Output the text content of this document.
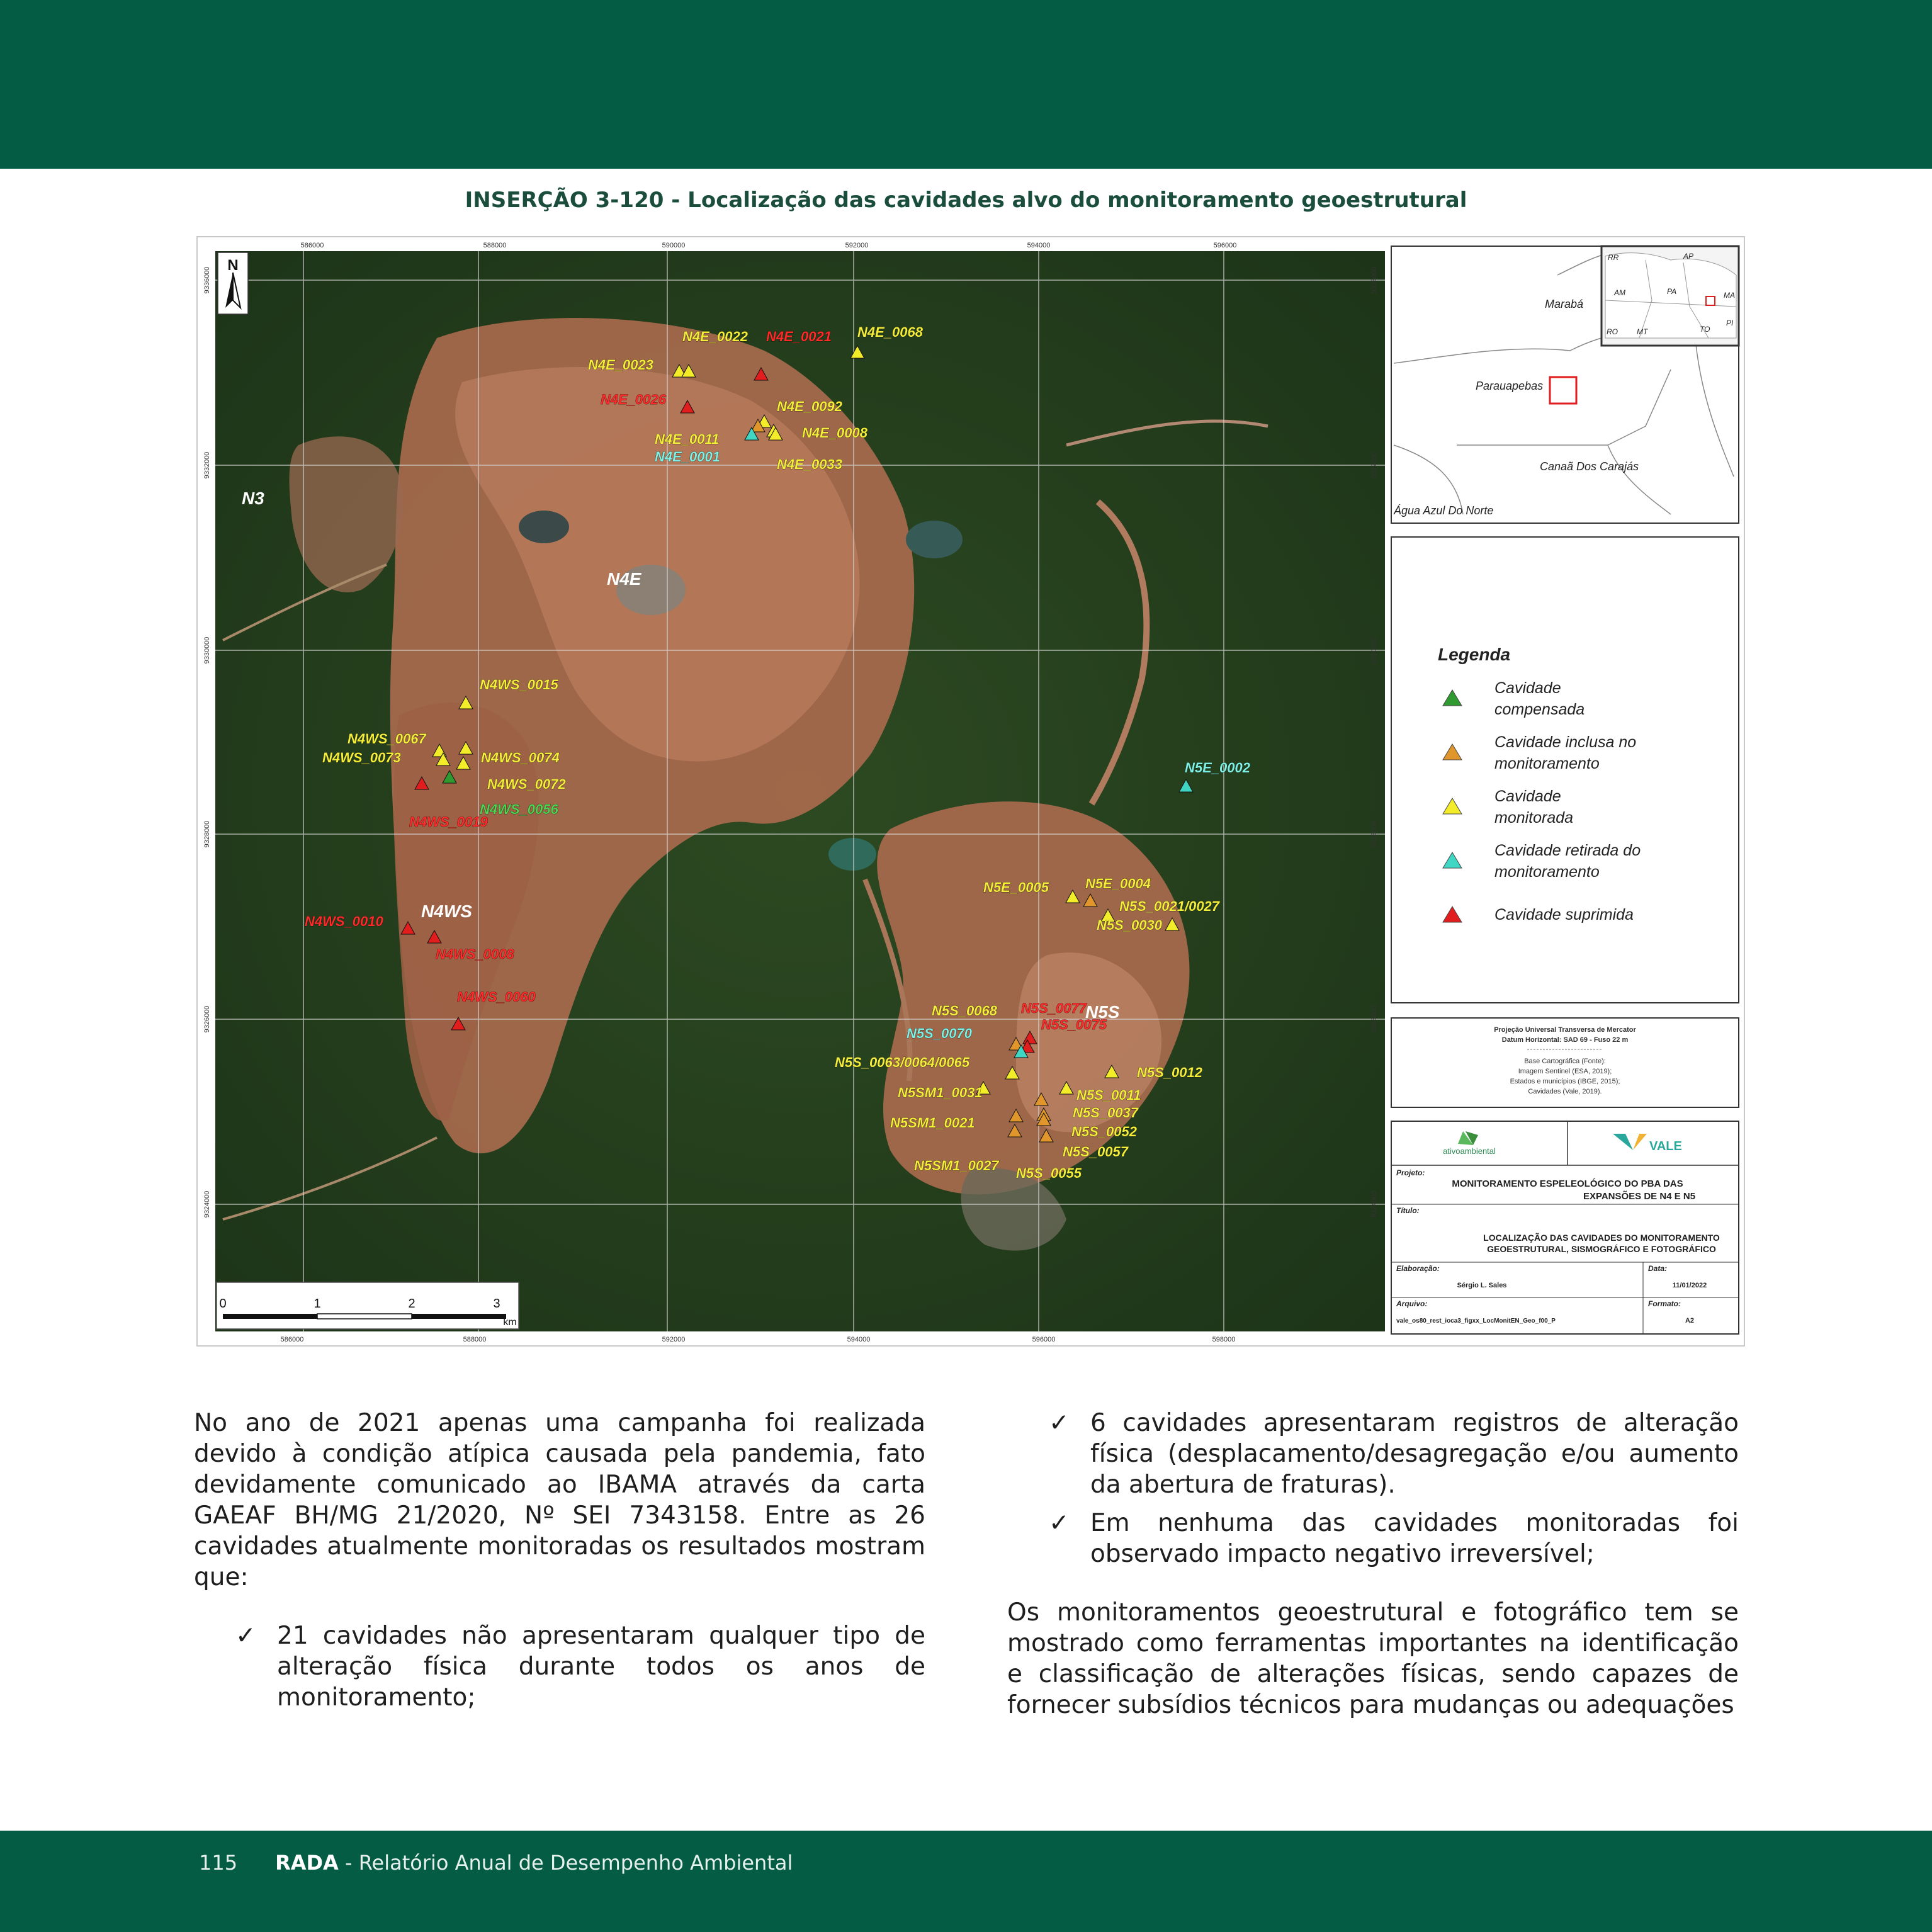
INSERÇÃO 3-120 - Localização das cavidades alvo do monitoramento geoestrutural
586000	588000	590000	592000	594000	596000
586000	588000	592000	594000	596000	598000
9336000
9332000
9330000
9328000
9326000
9324000
9336000
9332000
9330000
9328000
9326000
9324000
N
N3
N4E
N4WS
N5S
N4E_0023
N4E_0022 N4E_0021 N4E_0068
N4E_0026	N4E_0092
N4E_0011	N4E_0008
N4E_0001	N4E_0033
N4WS_0015
N4WS_0067
N4WS_0073	N4WS_0074
N4WS_0072
N4WS_0056
N4WS_0019
N4WS_0010
N4WS_0008
N4WS_0060
N5E_0002
N5E_0005	N5E_0004
N5S_0021/0027
N5S_0030
N5S_0068 N5S_0077
N5S_0075
N5S_0070
N5S_0063/0064/0065
N5S_0012
N5SM1_0031	N5S_0011
N5S_0037
N5SM1_0021
N5S_0052
N5S_0057
N5SM1_0027 N5S_0055
0	1	2	3
km
RR	AP
AM	PA	MA
PI
TO
MT
RO
Marabá
Parauapebas
Canaã Dos Carajás
Água Azul Do Norte
Legenda
Cavidade
compensada
Cavidade inclusa no
monitoramento
Cavidade
monitorada
Cavidade retirada do
monitoramento
Cavidade suprimida
Projeção Universal Transversa de Mercator
Datum Horizontal: SAD 69 - Fuso 22 m
Base Cartográfica (Fonte):
Imagem Sentinel (ESA, 2019);
Estados e municípios (IBGE, 2015);
Cavidades (Vale, 2019).
ativoambiental	VALE
Projeto:
MONITORAMENTO ESPELEOLÓGICO DO PBA DAS
EXPANSÕES DE N4 E N5
Título:
LOCALIZAÇÃO DAS CAVIDADES DO MONITORAMENTO
GEOESTRUTURAL, SISMOGRÁFICO E FOTOGRÁFICO
Elaboração:
Sérgio L. Sales
Data:
11/01/2022
Arquivo:
vale_os80_rest_ioca3_figxx_LocMonitEN_Geo_f00_P
Formato:
A2

No ano de 2021 apenas uma campanha foi realizada devido à condição atípica causada pela pandemia, fato devidamente comunicado ao IBAMA através da carta GAEAF BH/MG 21/2020, Nº SEI 7343158. Entre as 26 cavidades atualmente monitoradas os resultados mostram que:

✓ 21 cavidades não apresentaram qualquer tipo de alteração física durante todos os anos de monitoramento;

✓ 6 cavidades apresentaram registros de alteração física (desplacamento/desagregação e/ou aumento da abertura de fraturas).

✓ Em nenhuma das cavidades monitoradas foi observado impacto negativo irreversível;

Os monitoramentos geoestrutural e fotográfico tem se mostrado como ferramentas importantes na identificação e classificação de alterações físicas, sendo capazes de fornecer subsídios técnicos para mudanças ou adequações

115 RADA - Relatório Anual de Desempenho Ambiental
